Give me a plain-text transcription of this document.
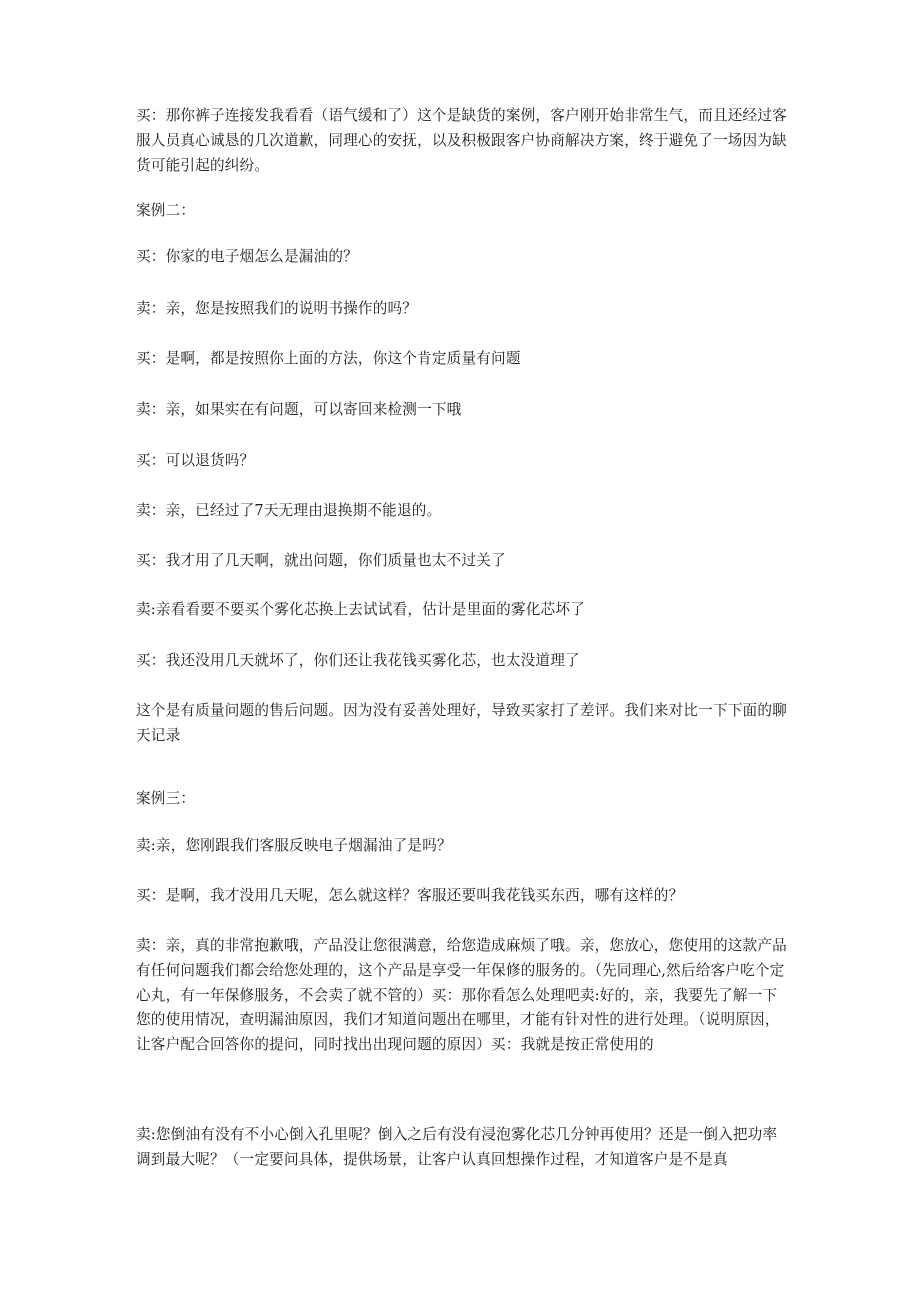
买：那你裤子连接发我看看（语气缓和了）这个是缺货的案例，客户刚开始非常生气，而且还经过客服人员真心诚恳的几次道歉，同理心的安抚，以及积极跟客户协商解决方案，终于避免了一场因为缺货可能引起的纠纷。

案例二：

买：你家的电子烟怎么是漏油的？

卖：亲，您是按照我们的说明书操作的吗？

买：是啊，都是按照你上面的方法，你这个肯定质量有问题

卖：亲，如果实在有问题，可以寄回来检测一下哦

买：可以退货吗？

卖：亲，已经过了7天无理由退换期不能退的。

买：我才用了几天啊，就出问题，你们质量也太不过关了

卖:亲看看要不要买个雾化芯换上去试试看，估计是里面的雾化芯坏了

买：我还没用几天就坏了，你们还让我花钱买雾化芯，也太没道理了

这个是有质量问题的售后问题。因为没有妥善处理好，导致买家打了差评。我们来对比一下下面的聊天记录

案例三：

卖:亲，您刚跟我们客服反映电子烟漏油了是吗？

买：是啊，我才没用几天呢，怎么就这样？客服还要叫我花钱买东西，哪有这样的？

卖：亲，真的非常抱歉哦，产品没让您很满意，给您造成麻烦了哦。亲，您放心，您使用的这款产品有任何问题我们都会给您处理的，这个产品是享受一年保修的服务的。（先同理心,然后给客户吃个定心丸，有一年保修服务，不会卖了就不管的）买：那你看怎么处理吧卖:好的，亲，我要先了解一下您的使用情况，查明漏油原因，我们才知道问题出在哪里，才能有针对性的进行处理。（说明原因，让客户配合回答你的提问，同时找出出现问题的原因）买：我就是按正常使用的

卖:您倒油有没有不小心倒入孔里呢？倒入之后有没有浸泡雾化芯几分钟再使用？还是一倒入把功率调到最大呢？（一定要问具体，提供场景，让客户认真回想操作过程，才知道客户是不是真
